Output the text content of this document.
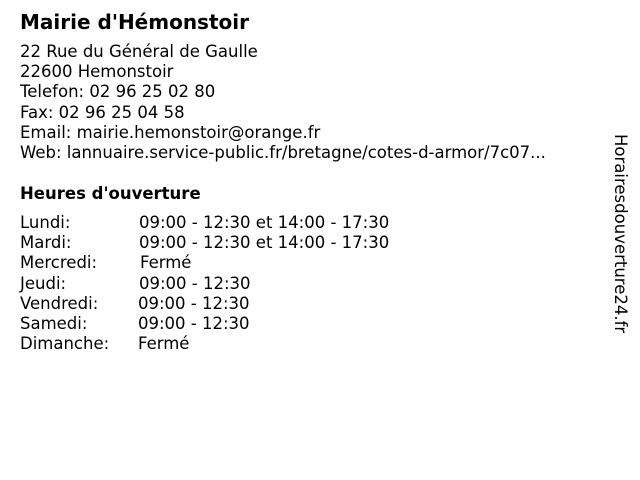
Mairie d'Hémonstoir
22 Rue du Général de Gaulle
22600 Hemonstoir
Telefon: 02 96 25 02 80
Fax: 02 96 25 04 58
Email: mairie.hemonstoir@orange.fr
Web: lannuaire.service-public.fr/bretagne/cotes-d-armor/7c07...
Heures d'ouverture
Lundi:	09:00 - 12:30 et 14:00 - 17:30
Mardi:	09:00 - 12:30 et 14:00 - 17:30
Mercredi:	Fermé
Jeudi:	09:00 - 12:30
Vendredi: 09:00 - 12:30
Samedi:	09:00 - 12:30
Dimanche: Fermé
Horairesdouverture24.fr
